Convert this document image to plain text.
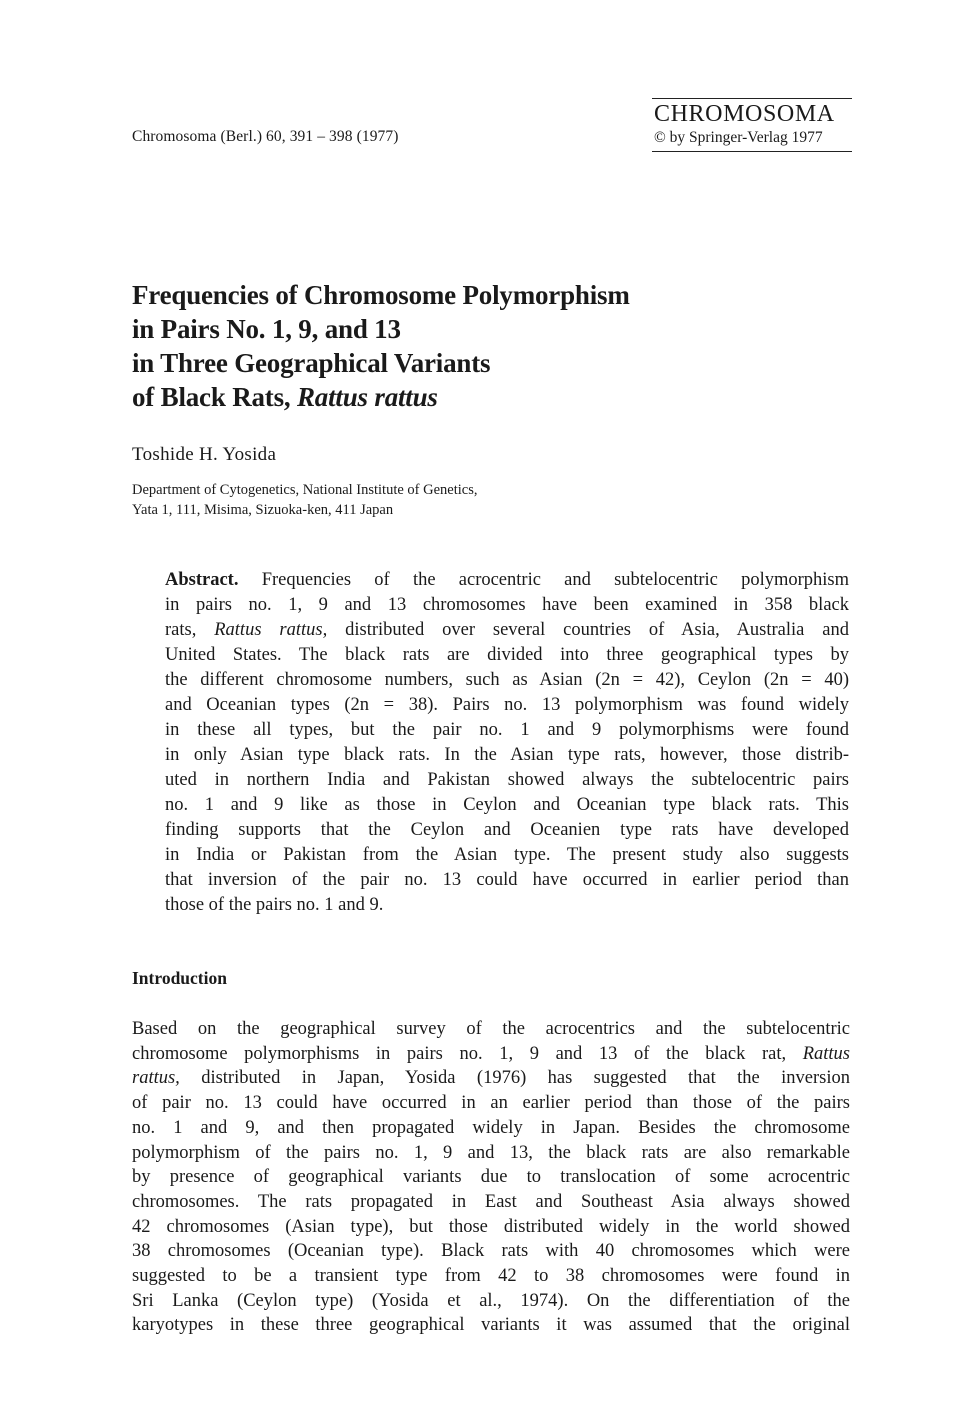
Chromosoma (Berl.) 60, 391 – 398 (1977)
CHROMOSOMA
© by Springer-Verlag 1977
Frequencies of Chromosome Polymorphism
in Pairs No. 1, 9, and 13
in Three Geographical Variants
of Black Rats, Rattus rattus
Toshide H. Yosida
Department of Cytogenetics, National Institute of Genetics,
Yata 1, 111, Misima, Sizuoka-ken, 411 Japan
Abstract. Frequencies of the acrocentric and subtelocentric polymorphism
in pairs no. 1, 9 and 13 chromosomes have been examined in 358 black
rats, Rattus rattus, distributed over several countries of Asia, Australia and
United States. The black rats are divided into three geographical types by
the different chromosome numbers, such as Asian (2n = 42), Ceylon (2n = 40)
and Oceanian types (2n = 38). Pairs no. 13 polymorphism was found widely
in these all types, but the pair no. 1 and 9 polymorphisms were found
in only Asian type black rats. In the Asian type rats, however, those distrib-
uted in northern India and Pakistan showed always the subtelocentric pairs
no. 1 and 9 like as those in Ceylon and Oceanian type black rats. This
finding supports that the Ceylon and Oceanien type rats have developed
in India or Pakistan from the Asian type. The present study also suggests
that inversion of the pair no. 13 could have occurred in earlier period than
those of the pairs no. 1 and 9.
Introduction
Based on the geographical survey of the acrocentrics and the subtelocentric
chromosome polymorphisms in pairs no. 1, 9 and 13 of the black rat, Rattus
rattus, distributed in Japan, Yosida (1976) has suggested that the inversion
of pair no. 13 could have occurred in an earlier period than those of the pairs
no. 1 and 9, and then propagated widely in Japan. Besides the chromosome
polymorphism of the pairs no. 1, 9 and 13, the black rats are also remarkable
by presence of geographical variants due to translocation of some acrocentric
chromosomes. The rats propagated in East and Southeast Asia always showed
42 chromosomes (Asian type), but those distributed widely in the world showed
38 chromosomes (Oceanian type). Black rats with 40 chromosomes which were
suggested to be a transient type from 42 to 38 chromosomes were found in
Sri Lanka (Ceylon type) (Yosida et al., 1974). On the differentiation of the
karyotypes in these three geographical variants it was assumed that the original
